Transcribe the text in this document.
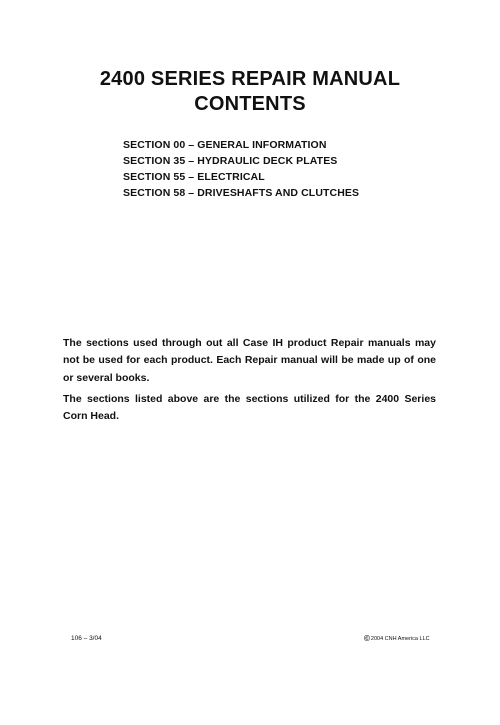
2400 SERIES REPAIR MANUAL
CONTENTS
SECTION 00 – GENERAL INFORMATION
SECTION 35 – HYDRAULIC DECK PLATES
SECTION 55 – ELECTRICAL
SECTION 58 – DRIVESHAFTS AND CLUTCHES

The sections used through out all Case IH product Repair manuals may not be used for each product. Each Repair manual will be made up of one or several books.

The sections listed above are the sections utilized for the 2400 Series Corn Head.

106 – 3/04	©2004 CNH America LLC
